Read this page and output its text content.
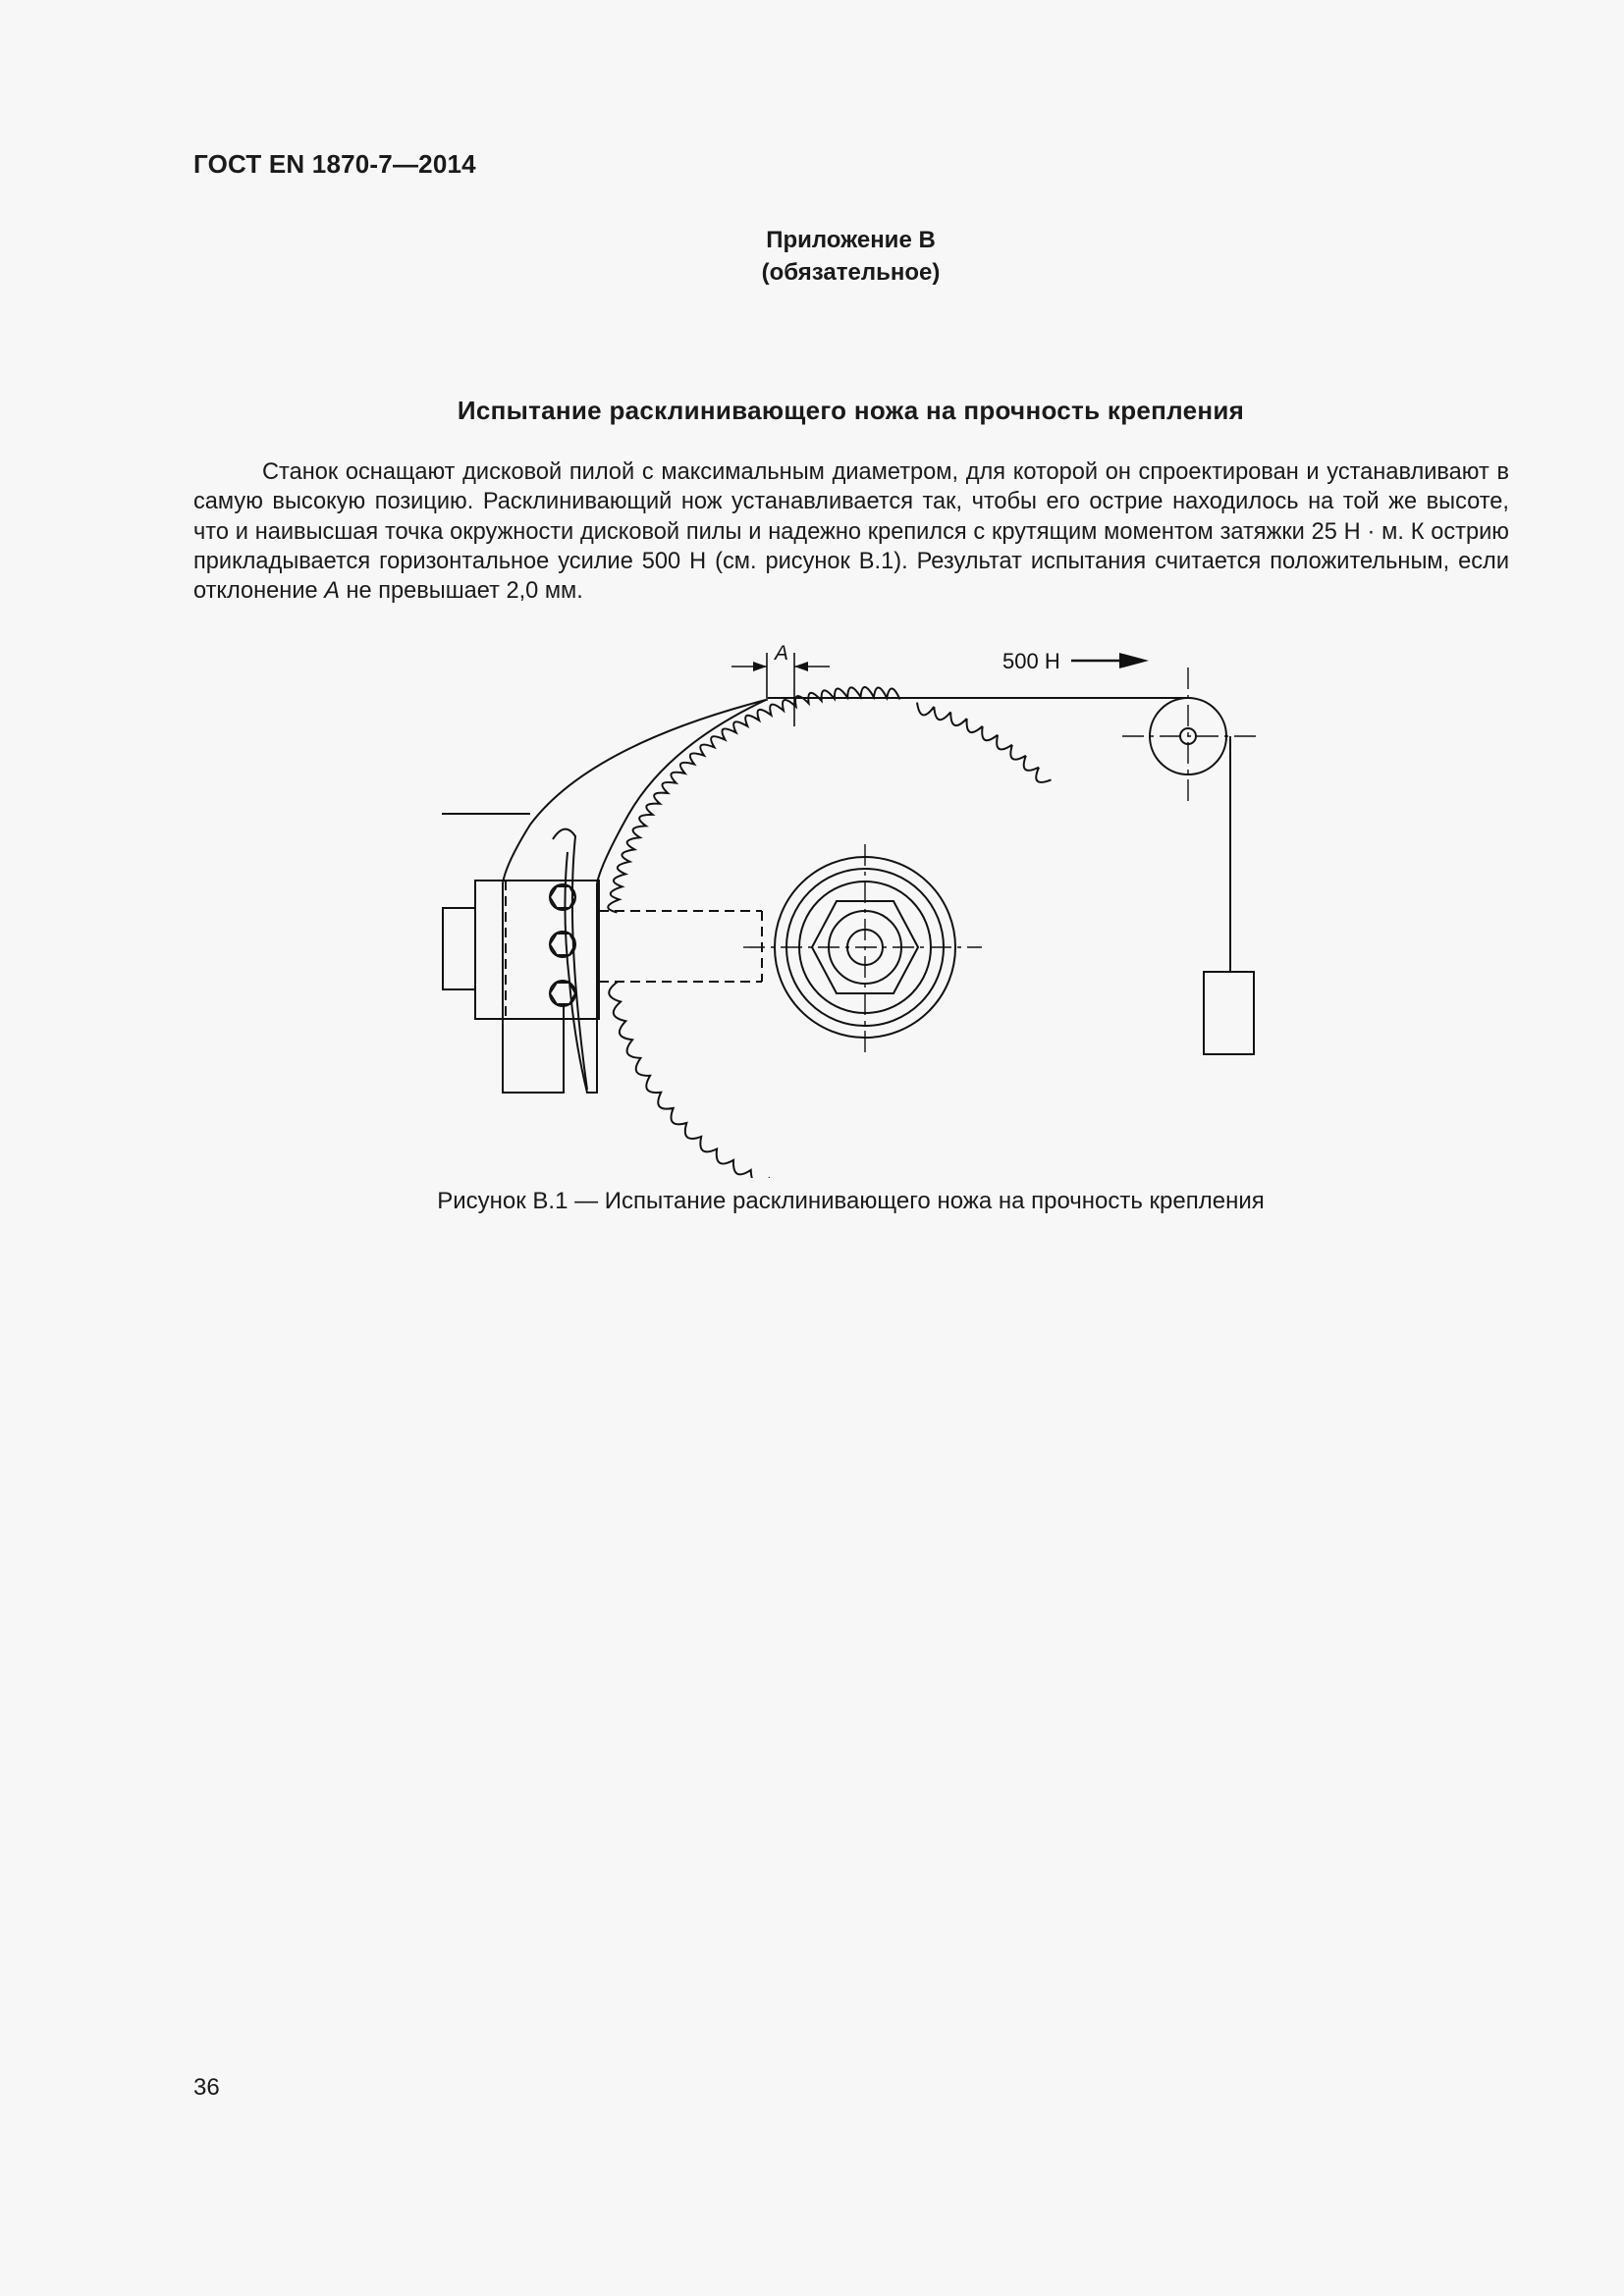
ГОСТ EN 1870-7—2014
Приложение В
(обязательное)
Испытание расклинивающего ножа на прочность крепления

Станок оснащают дисковой пилой с максимальным диаметром, для которой он спроектирован и устанавливают в самую высокую позицию. Расклинивающий нож устанавливается так, чтобы его острие находилось на той же высоте, что и наивысшая точка окружности дисковой пилы и надежно крепился с крутящим моментом затяжки 25 Н · м. К острию прикладывается горизонтальное усилие 500 Н (см. рисунок В.1). Результат испытания считается положительным, если отклонение А не превышает 2,0 мм.

А	500 Н
Рисунок В.1 — Испытание расклинивающего ножа на прочность крепления
36
